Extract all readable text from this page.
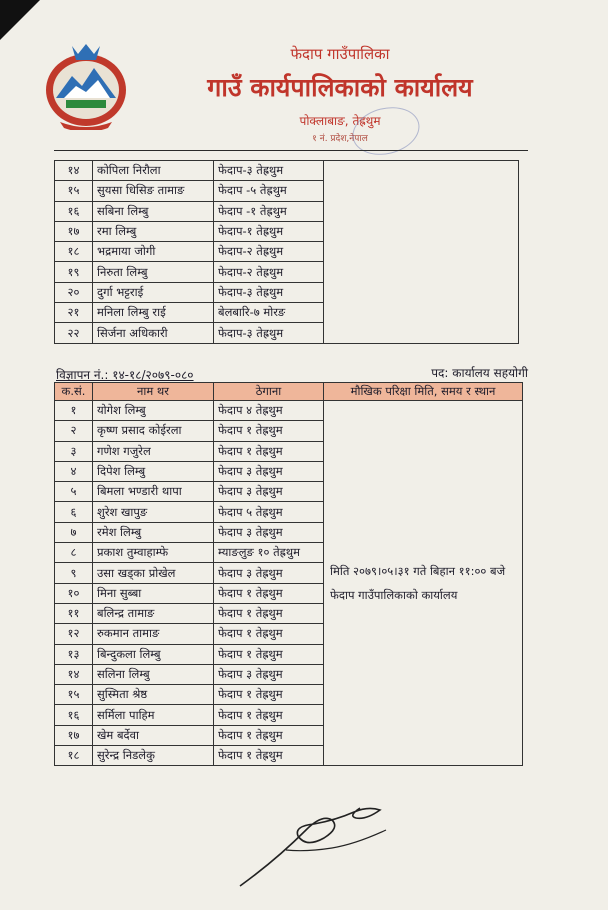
फेदाप गाउँपालिका
गाउँ कार्यपालिकाको कार्यालय
पोक्लाबाङ, तेह्रथुम
१ नं. प्रदेश,नेपाल
१४	कोपिला निरौला	फेदाप-३ तेह्रथुम	
१५	सुयसा धिसिङ तामाङ	फेदाप -५ तेह्रथुम	
१६	सबिना लिम्बु	फेदाप -१ तेह्रथुम	
१७	रमा लिम्बु	फेदाप-१ तेह्रथुम	
१८	भद्रमाया जोगी	फेदाप-२ तेह्रथुम	
१९	निरुता लिम्बु	फेदाप-२ तेह्रथुम	
२०	दुर्गा भट्टराई	फेदाप-३ तेह्रथुम	
२१	मनिला लिम्बु राई	बेलबारि-७ मोरङ	
२२	सिर्जना अधिकारी	फेदाप-३ तेह्रथुम	
विज्ञापन नं.: १४-१८/२०७९-०८०	पद: कार्यालय सहयोगी
क.सं.	नाम थर	ठेगाना	मौखिक परिक्षा मिति, समय र स्थान
१	योगेश लिम्बु	फेदाप ४ तेह्रथुम	मिति २०७९।०५।३१ गते बिहान ११:०० बजे फेदाप गाउँपालिकाको कार्यालय
२	कृष्ण प्रसाद कोईरला	फेदाप १ तेह्रथुम	
३	गणेश गजुरेल	फेदाप १ तेह्रथुम	
४	दिपेश लिम्बु	फेदाप ३ तेह्रथुम	
५	बिमला भण्डारी थापा	फेदाप ३ तेह्रथुम	
६	शुरेश खापुङ	फेदाप ५ तेह्रथुम	
७	रमेश लिम्बु	फेदाप ३ तेह्रथुम	
८	प्रकाश तुम्वाहाम्फे	म्याङलुङ १० तेह्रथुम	
९	उसा खड्का प्रोखेल	फेदाप ३ तेह्रथुम	
१०	मिना सुब्बा	फेदाप १ तेह्रथुम	
११	बलिन्द्र तामाङ	फेदाप १ तेह्रथुम	
१२	रुकमान तामाङ	फेदाप १ तेह्रथुम	
१३	बिन्दुकला लिम्बु	फेदाप १ तेह्रथुम	
१४	सलिना लिम्बु	फेदाप ३ तेह्रथुम	
१५	सुस्मिता श्रेष्ठ	फेदाप १ तेह्रथुम	
१६	सर्मिला पाहिम	फेदाप १ तेह्रथुम	
१७	खेम बर्देवा	फेदाप १ तेह्रथुम	
१८	सुरेन्द्र निडलेकु	फेदाप १ तेह्रथुम	
